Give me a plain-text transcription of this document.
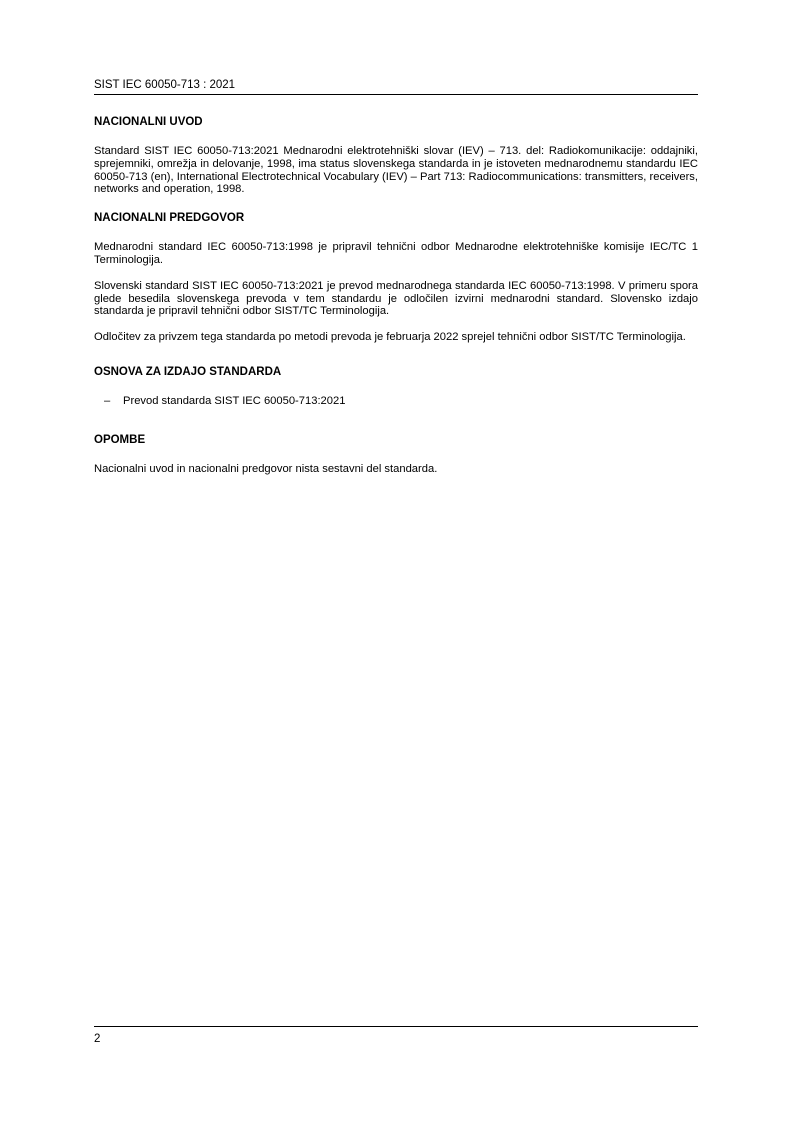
SIST IEC 60050-713 : 2021
NACIONALNI UVOD

Standard SIST IEC 60050-713:2021 Mednarodni elektrotehniški slovar (IEV) – 713. del: Radiokomunikacije: oddajniki, sprejemniki, omrežja in delovanje, 1998, ima status slovenskega standarda in je istoveten mednarodnemu standardu IEC 60050-713 (en), International Electrotechnical Vocabulary (IEV) – Part 713: Radiocommunications: transmitters, receivers, networks and operation, 1998.

NACIONALNI PREDGOVOR

Mednarodni standard IEC 60050-713:1998 je pripravil tehnični odbor Mednarodne elektrotehniške komisije IEC/TC 1 Terminologija.

Slovenski standard SIST IEC 60050-713:2021 je prevod mednarodnega standarda IEC 60050-713:1998. V primeru spora glede besedila slovenskega prevoda v tem standardu je odločilen izvirni mednarodni standard. Slovensko izdajo standarda je pripravil tehnični odbor SIST/TC Terminologija.

Odločitev za privzem tega standarda po metodi prevoda je februarja 2022 sprejel tehnični odbor SIST/TC Terminologija.

OSNOVA ZA IZDAJO STANDARDA
–	Prevod standarda SIST IEC 60050-713:2021
OPOMBE

Nacionalni uvod in nacionalni predgovor nista sestavni del standarda.

2
